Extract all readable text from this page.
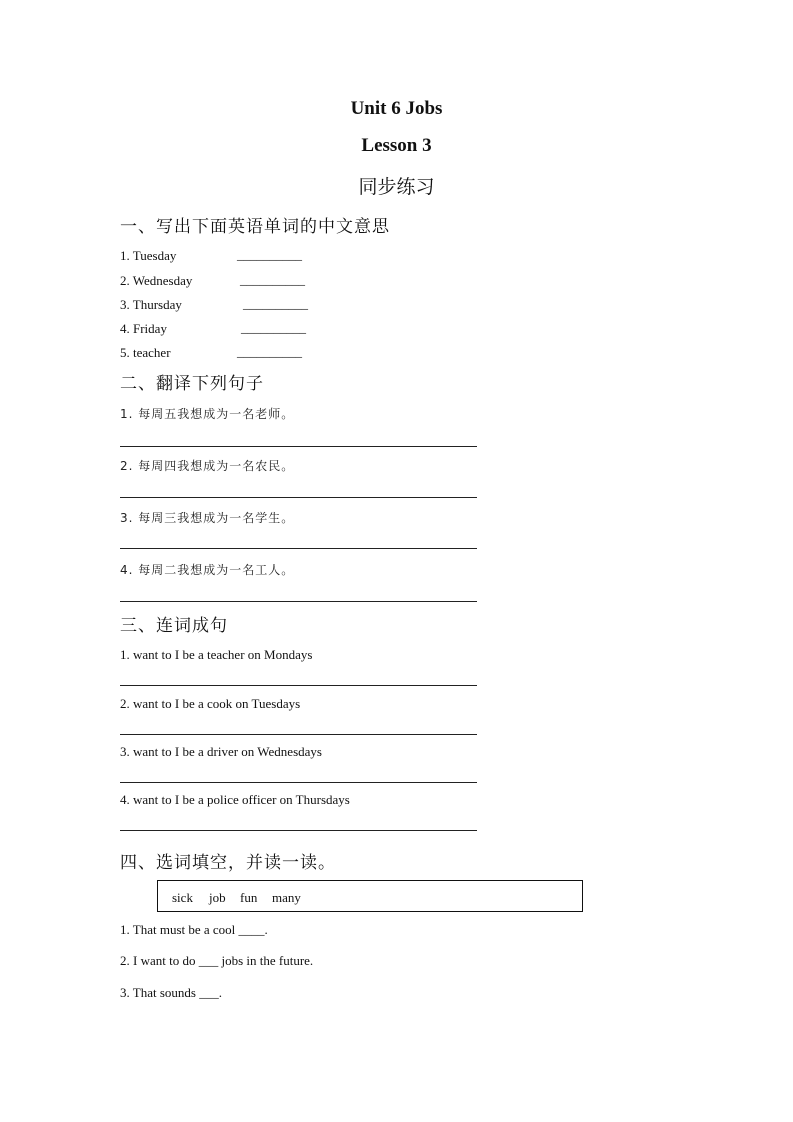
Unit 6 Jobs
Lesson 3
同步练习
一、写出下面英语单词的中文意思
1. Tuesday	__________
2. Wednesday	__________
3. Thursday	__________
4. Friday	__________
5. teacher	__________
二、翻译下列句子
1. 每周五我想成为一名老师。
2. 每周四我想成为一名农民。
3. 每周三我想成为一名学生。
4. 每周二我想成为一名工人。
三、连词成句
1. want to I be a teacher on Mondays
2. want to I be a cook on Tuesdays
3. want to I be a driver on Wednesdays
4. want to I be a police officer on Thursdays
四、选词填空，并读一读。
sick job fun many
1. That must be a cool ____.
2. I want to do ___ jobs in the future.
3. That sounds ___.
